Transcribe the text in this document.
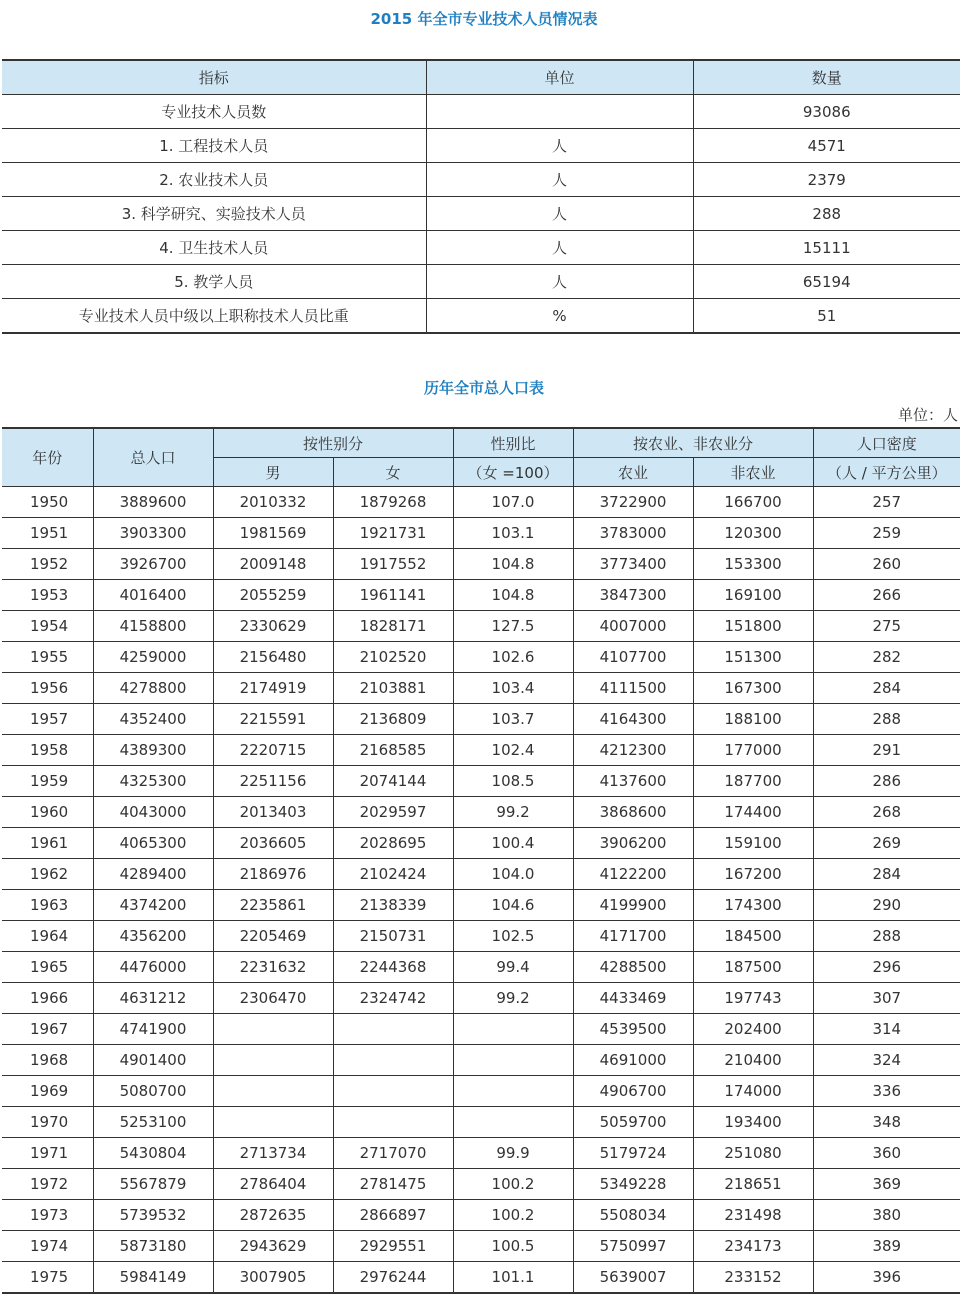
2015 年全市专业技术人员情况表
指标	单位	数量
专业技术人员数		93086
1. 工程技术人员	人	4571
2. 农业技术人员	人	2379
3. 科学研究、实验技术人员	人	288
4. 卫生技术人员	人	15111
5. 教学人员	人	65194
专业技术人员中级以上职称技术人员比重	%	51
历年全市总人口表
单位：人
年份	总人口	按性别分		性别比	按农业、非农业分		人口密度
		男	女	（女 =100）	农业	非农业	（人 / 平方公里）
1950	3889600	2010332	1879268	107.0	3722900	166700	257
1951	3903300	1981569	1921731	103.1	3783000	120300	259
1952	3926700	2009148	1917552	104.8	3773400	153300	260
1953	4016400	2055259	1961141	104.8	3847300	169100	266
1954	4158800	2330629	1828171	127.5	4007000	151800	275
1955	4259000	2156480	2102520	102.6	4107700	151300	282
1956	4278800	2174919	2103881	103.4	4111500	167300	284
1957	4352400	2215591	2136809	103.7	4164300	188100	288
1958	4389300	2220715	2168585	102.4	4212300	177000	291
1959	4325300	2251156	2074144	108.5	4137600	187700	286
1960	4043000	2013403	2029597	99.2	3868600	174400	268
1961	4065300	2036605	2028695	100.4	3906200	159100	269
1962	4289400	2186976	2102424	104.0	4122200	167200	284
1963	4374200	2235861	2138339	104.6	4199900	174300	290
1964	4356200	2205469	2150731	102.5	4171700	184500	288
1965	4476000	2231632	2244368	99.4	4288500	187500	296
1966	4631212	2306470	2324742	99.2	4433469	197743	307
1967	4741900				4539500	202400	314
1968	4901400				4691000	210400	324
1969	5080700				4906700	174000	336
1970	5253100				5059700	193400	348
1971	5430804	2713734	2717070	99.9	5179724	251080	360
1972	5567879	2786404	2781475	100.2	5349228	218651	369
1973	5739532	2872635	2866897	100.2	5508034	231498	380
1974	5873180	2943629	2929551	100.5	5750997	234173	389
1975	5984149	3007905	2976244	101.1	5639007	233152	396
